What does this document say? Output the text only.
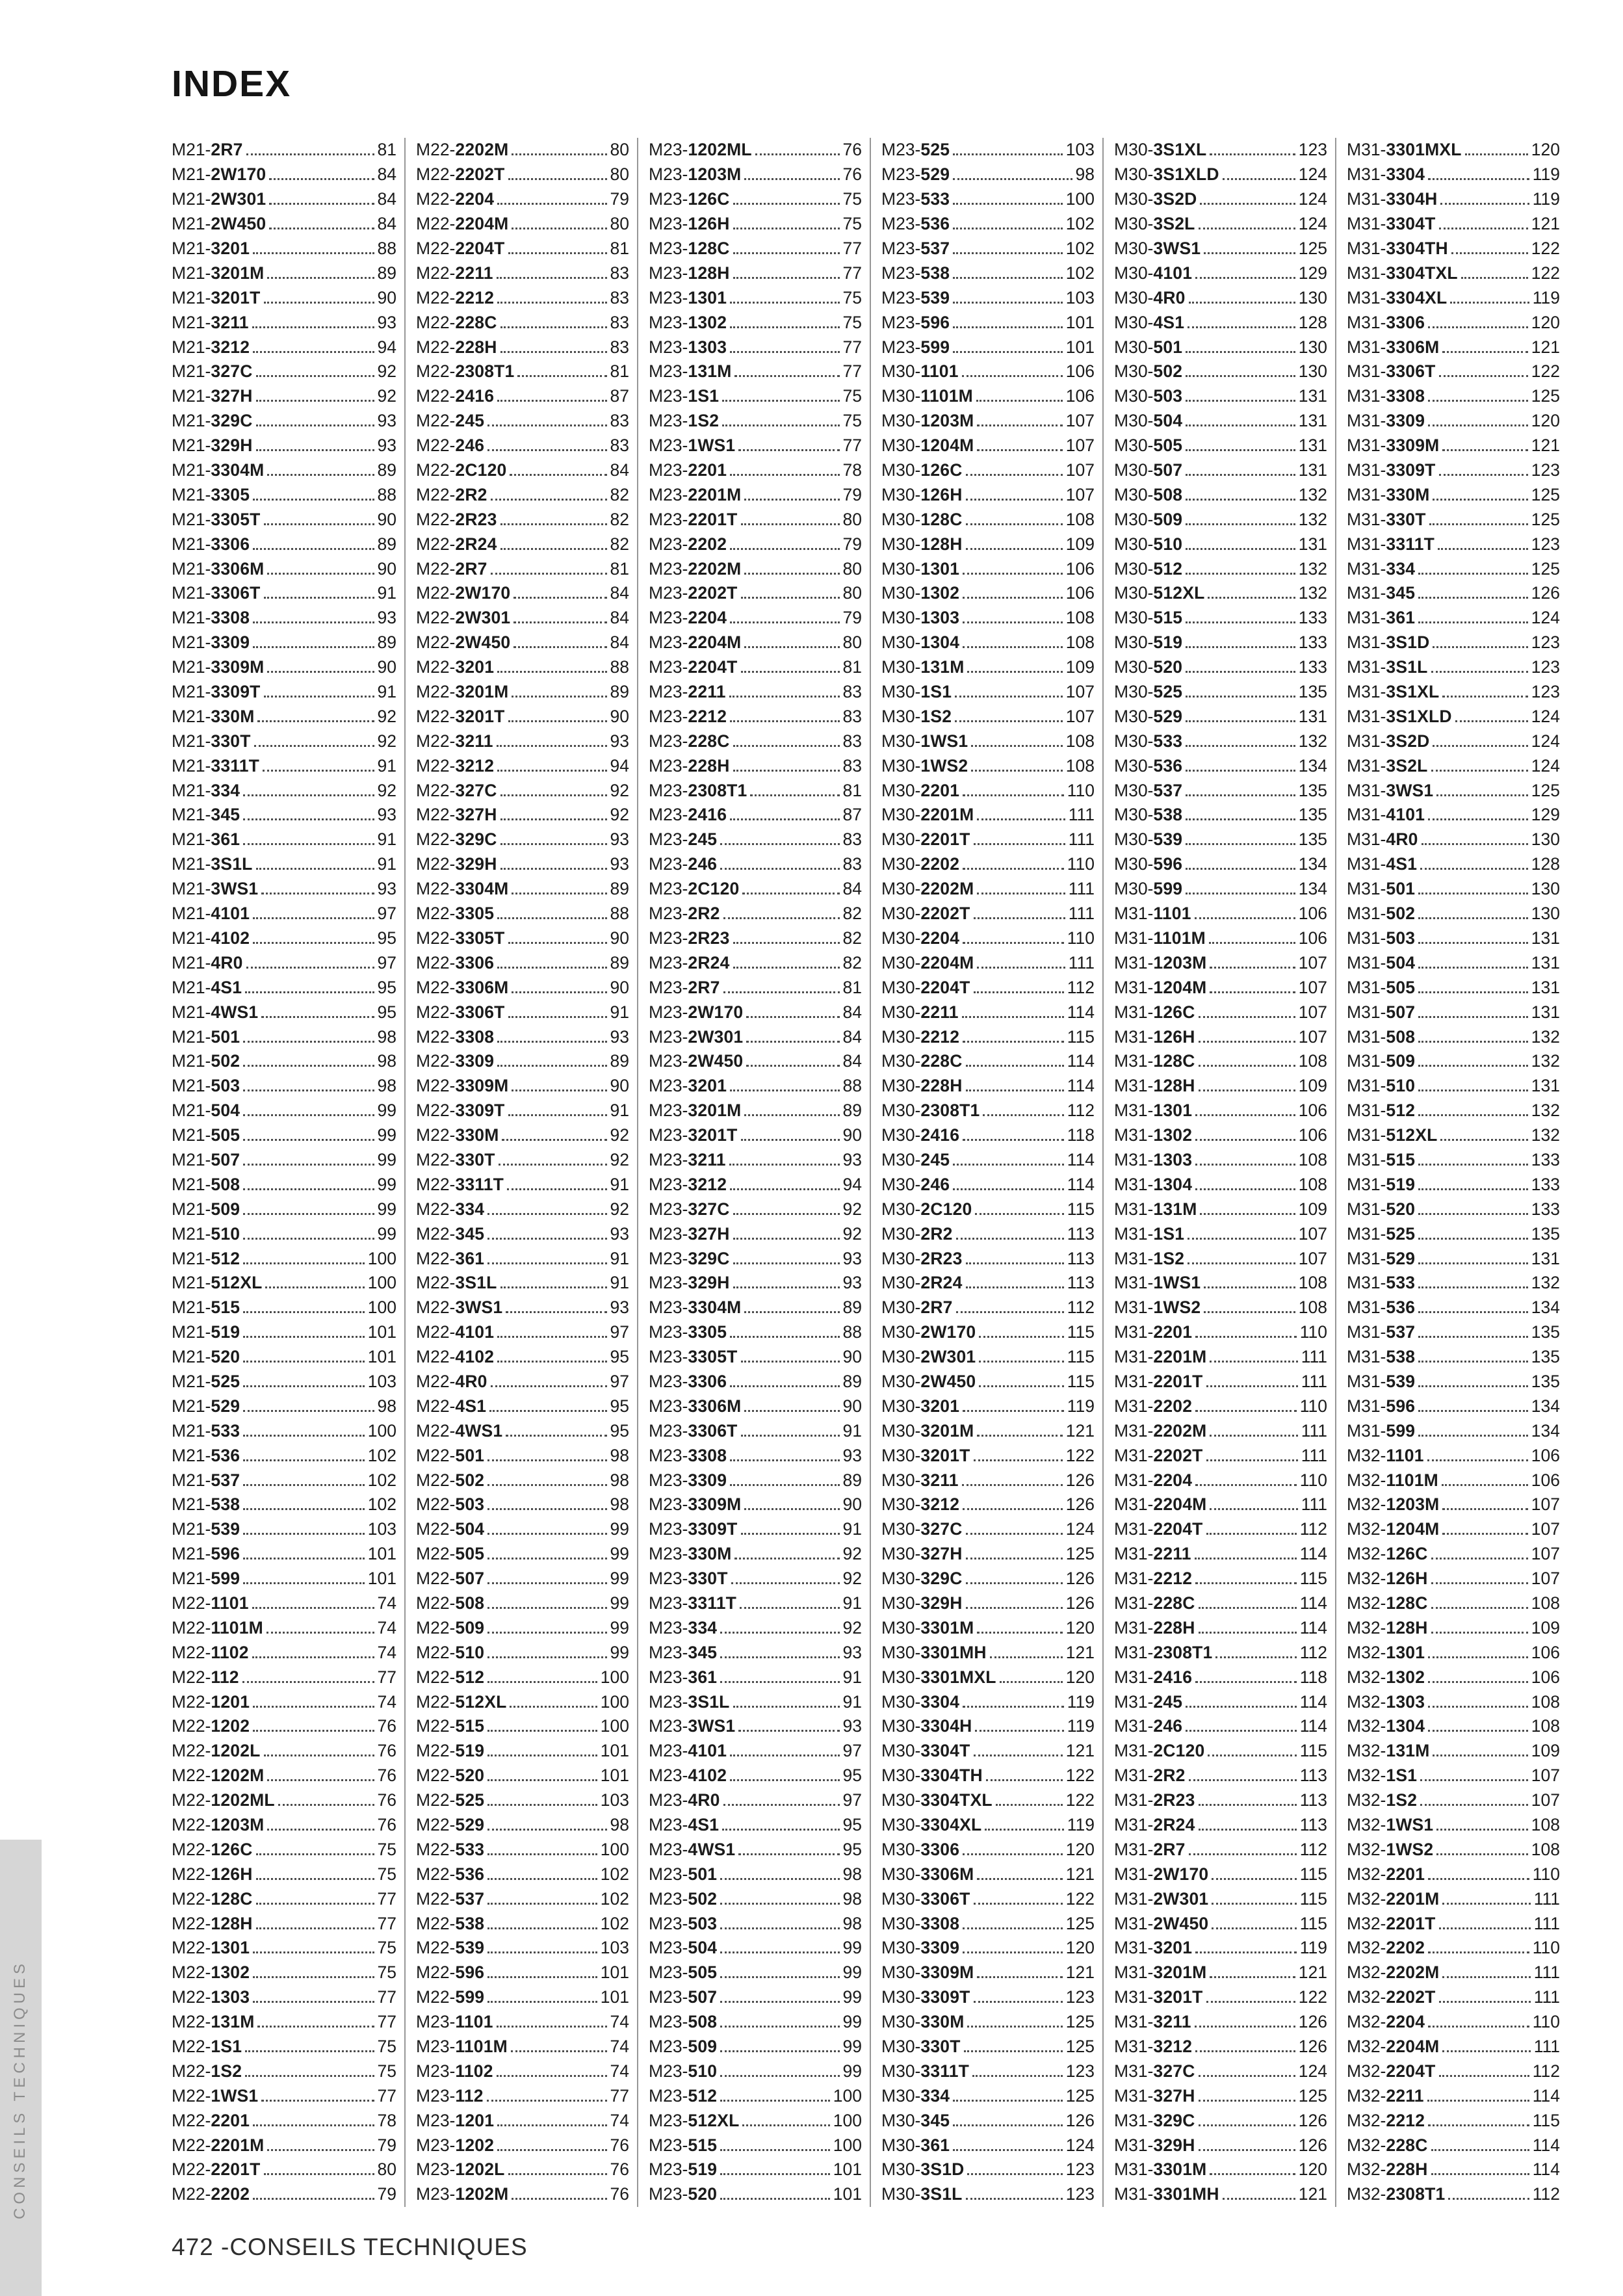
INDEX
M21-2R7	81
M21-2W170	84
M21-2W301	84
M21-2W450	84
M21-3201	88
M21-3201M	89
M21-3201T	90
M21-3211	93
M21-3212	94
M21-327C	92
M21-327H	92
M21-329C	93
M21-329H	93
M21-3304M	89
M21-3305	88
M21-3305T	90
M21-3306	89
M21-3306M	90
M21-3306T	91
M21-3308	93
M21-3309	89
M21-3309M	90
M21-3309T	91
M21-330M	92
M21-330T	92
M21-3311T	91
M21-334	92
M21-345	93
M21-361	91
M21-3S1L	91
M21-3WS1	93
M21-4101	97
M21-4102	95
M21-4R0	97
M21-4S1	95
M21-4WS1	95
M21-501	98
M21-502	98
M21-503	98
M21-504	99
M21-505	99
M21-507	99
M21-508	99
M21-509	99
M21-510	99
M21-512	100
M21-512XL	100
M21-515	100
M21-519	101
M21-520	101
M21-525	103
M21-529	98
M21-533	100
M21-536	102
M21-537	102
M21-538	102
M21-539	103
M21-596	101
M21-599	101
M22-1101	74
M22-1101M	74
M22-1102	74
M22-112	77
M22-1201	74
M22-1202	76
M22-1202L	76
M22-1202M	76
M22-1202ML	76
M22-1203M	76
M22-126C	75
M22-126H	75
M22-128C	77
M22-128H	77
M22-1301	75
M22-1302	75
M22-1303	77
M22-131M	77
M22-1S1	75
M22-1S2	75
M22-1WS1	77
M22-2201	78
M22-2201M	79
M22-2201T	80
M22-2202	79
M22-2202M	80
M22-2202T	80
M22-2204	79
M22-2204M	80
M22-2204T	81
M22-2211	83
M22-2212	83
M22-228C	83
M22-228H	83
M22-2308T1	81
M22-2416	87
M22-245	83
M22-246	83
M22-2C120	84
M22-2R2	82
M22-2R23	82
M22-2R24	82
M22-2R7	81
M22-2W170	84
M22-2W301	84
M22-2W450	84
M22-3201	88
M22-3201M	89
M22-3201T	90
M22-3211	93
M22-3212	94
M22-327C	92
M22-327H	92
M22-329C	93
M22-329H	93
M22-3304M	89
M22-3305	88
M22-3305T	90
M22-3306	89
M22-3306M	90
M22-3306T	91
M22-3308	93
M22-3309	89
M22-3309M	90
M22-3309T	91
M22-330M	92
M22-330T	92
M22-3311T	91
M22-334	92
M22-345	93
M22-361	91
M22-3S1L	91
M22-3WS1	93
M22-4101	97
M22-4102	95
M22-4R0	97
M22-4S1	95
M22-4WS1	95
M22-501	98
M22-502	98
M22-503	98
M22-504	99
M22-505	99
M22-507	99
M22-508	99
M22-509	99
M22-510	99
M22-512	100
M22-512XL	100
M22-515	100
M22-519	101
M22-520	101
M22-525	103
M22-529	98
M22-533	100
M22-536	102
M22-537	102
M22-538	102
M22-539	103
M22-596	101
M22-599	101
M23-1101	74
M23-1101M	74
M23-1102	74
M23-112	77
M23-1201	74
M23-1202	76
M23-1202L	76
M23-1202M	76
M23-1202ML	76
M23-1203M	76
M23-126C	75
M23-126H	75
M23-128C	77
M23-128H	77
M23-1301	75
M23-1302	75
M23-1303	77
M23-131M	77
M23-1S1	75
M23-1S2	75
M23-1WS1	77
M23-2201	78
M23-2201M	79
M23-2201T	80
M23-2202	79
M23-2202M	80
M23-2202T	80
M23-2204	79
M23-2204M	80
M23-2204T	81
M23-2211	83
M23-2212	83
M23-228C	83
M23-228H	83
M23-2308T1	81
M23-2416	87
M23-245	83
M23-246	83
M23-2C120	84
M23-2R2	82
M23-2R23	82
M23-2R24	82
M23-2R7	81
M23-2W170	84
M23-2W301	84
M23-2W450	84
M23-3201	88
M23-3201M	89
M23-3201T	90
M23-3211	93
M23-3212	94
M23-327C	92
M23-327H	92
M23-329C	93
M23-329H	93
M23-3304M	89
M23-3305	88
M23-3305T	90
M23-3306	89
M23-3306M	90
M23-3306T	91
M23-3308	93
M23-3309	89
M23-3309M	90
M23-3309T	91
M23-330M	92
M23-330T	92
M23-3311T	91
M23-334	92
M23-345	93
M23-361	91
M23-3S1L	91
M23-3WS1	93
M23-4101	97
M23-4102	95
M23-4R0	97
M23-4S1	95
M23-4WS1	95
M23-501	98
M23-502	98
M23-503	98
M23-504	99
M23-505	99
M23-507	99
M23-508	99
M23-509	99
M23-510	99
M23-512	100
M23-512XL	100
M23-515	100
M23-519	101
M23-520	101
M23-525	103
M23-529	98
M23-533	100
M23-536	102
M23-537	102
M23-538	102
M23-539	103
M23-596	101
M23-599	101
M30-1101	106
M30-1101M	106
M30-1203M	107
M30-1204M	107
M30-126C	107
M30-126H	107
M30-128C	108
M30-128H	109
M30-1301	106
M30-1302	106
M30-1303	108
M30-1304	108
M30-131M	109
M30-1S1	107
M30-1S2	107
M30-1WS1	108
M30-1WS2	108
M30-2201	110
M30-2201M	111
M30-2201T	111
M30-2202	110
M30-2202M	111
M30-2202T	111
M30-2204	110
M30-2204M	111
M30-2204T	112
M30-2211	114
M30-2212	115
M30-228C	114
M30-228H	114
M30-2308T1	112
M30-2416	118
M30-245	114
M30-246	114
M30-2C120	115
M30-2R2	113
M30-2R23	113
M30-2R24	113
M30-2R7	112
M30-2W170	115
M30-2W301	115
M30-2W450	115
M30-3201	119
M30-3201M	121
M30-3201T	122
M30-3211	126
M30-3212	126
M30-327C	124
M30-327H	125
M30-329C	126
M30-329H	126
M30-3301M	120
M30-3301MH	121
M30-3301MXL	120
M30-3304	119
M30-3304H	119
M30-3304T	121
M30-3304TH	122
M30-3304TXL	122
M30-3304XL	119
M30-3306	120
M30-3306M	121
M30-3306T	122
M30-3308	125
M30-3309	120
M30-3309M	121
M30-3309T	123
M30-330M	125
M30-330T	125
M30-3311T	123
M30-334	125
M30-345	126
M30-361	124
M30-3S1D	123
M30-3S1L	123
M30-3S1XL	123
M30-3S1XLD	124
M30-3S2D	124
M30-3S2L	124
M30-3WS1	125
M30-4101	129
M30-4R0	130
M30-4S1	128
M30-501	130
M30-502	130
M30-503	131
M30-504	131
M30-505	131
M30-507	131
M30-508	132
M30-509	132
M30-510	131
M30-512	132
M30-512XL	132
M30-515	133
M30-519	133
M30-520	133
M30-525	135
M30-529	131
M30-533	132
M30-536	134
M30-537	135
M30-538	135
M30-539	135
M30-596	134
M30-599	134
M31-1101	106
M31-1101M	106
M31-1203M	107
M31-1204M	107
M31-126C	107
M31-126H	107
M31-128C	108
M31-128H	109
M31-1301	106
M31-1302	106
M31-1303	108
M31-1304	108
M31-131M	109
M31-1S1	107
M31-1S2	107
M31-1WS1	108
M31-1WS2	108
M31-2201	110
M31-2201M	111
M31-2201T	111
M31-2202	110
M31-2202M	111
M31-2202T	111
M31-2204	110
M31-2204M	111
M31-2204T	112
M31-2211	114
M31-2212	115
M31-228C	114
M31-228H	114
M31-2308T1	112
M31-2416	118
M31-245	114
M31-246	114
M31-2C120	115
M31-2R2	113
M31-2R23	113
M31-2R24	113
M31-2R7	112
M31-2W170	115
M31-2W301	115
M31-2W450	115
M31-3201	119
M31-3201M	121
M31-3201T	122
M31-3211	126
M31-3212	126
M31-327C	124
M31-327H	125
M31-329C	126
M31-329H	126
M31-3301M	120
M31-3301MH	121
M31-3301MXL	120
M31-3304	119
M31-3304H	119
M31-3304T	121
M31-3304TH	122
M31-3304TXL	122
M31-3304XL	119
M31-3306	120
M31-3306M	121
M31-3306T	122
M31-3308	125
M31-3309	120
M31-3309M	121
M31-3309T	123
M31-330M	125
M31-330T	125
M31-3311T	123
M31-334	125
M31-345	126
M31-361	124
M31-3S1D	123
M31-3S1L	123
M31-3S1XL	123
M31-3S1XLD	124
M31-3S2D	124
M31-3S2L	124
M31-3WS1	125
M31-4101	129
M31-4R0	130
M31-4S1	128
M31-501	130
M31-502	130
M31-503	131
M31-504	131
M31-505	131
M31-507	131
M31-508	132
M31-509	132
M31-510	131
M31-512	132
M31-512XL	132
M31-515	133
M31-519	133
M31-520	133
M31-525	135
M31-529	131
M31-533	132
M31-536	134
M31-537	135
M31-538	135
M31-539	135
M31-596	134
M31-599	134
M32-1101	106
M32-1101M	106
M32-1203M	107
M32-1204M	107
M32-126C	107
M32-126H	107
M32-128C	108
M32-128H	109
M32-1301	106
M32-1302	106
M32-1303	108
M32-1304	108
M32-131M	109
M32-1S1	107
M32-1S2	107
M32-1WS1	108
M32-1WS2	108
M32-2201	110
M32-2201M	111
M32-2201T	111
M32-2202	110
M32-2202M	111
M32-2202T	111
M32-2204	110
M32-2204M	111
M32-2204T	112
M32-2211	114
M32-2212	115
M32-228C	114
M32-228H	114
M32-2308T1	112
CONSEILS TECHNIQUES
472 -CONSEILS TECHNIQUES
